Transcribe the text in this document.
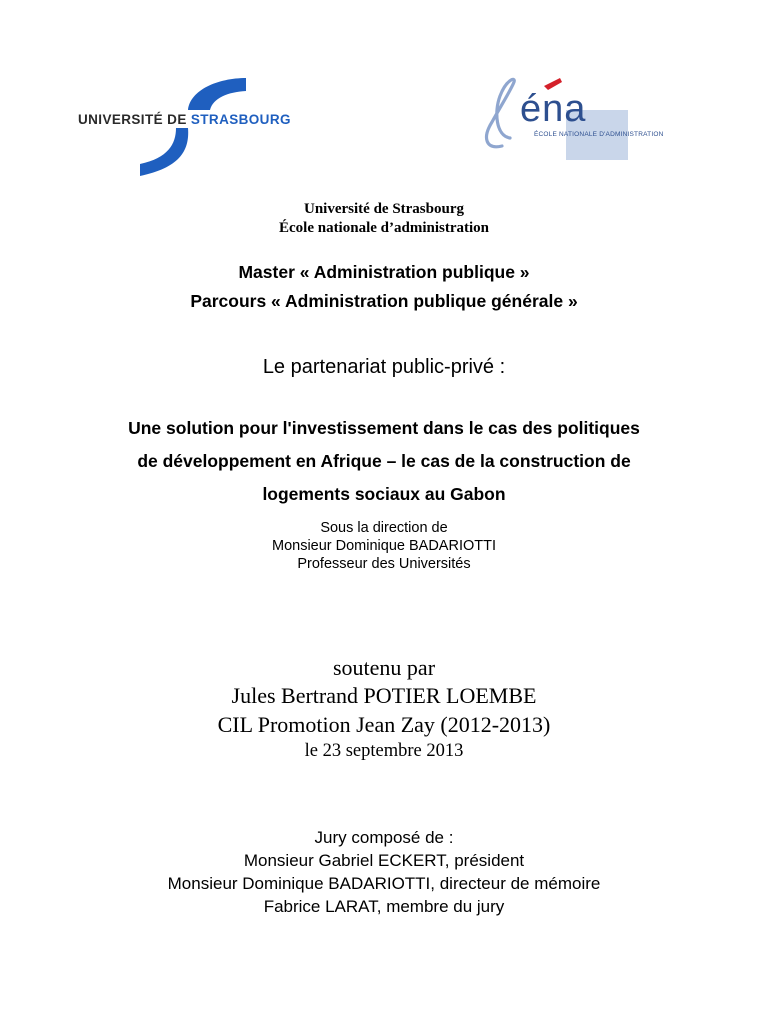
UNIVERSITÉ DE STRASBOURG	éna
ÉCOLE NATIONALE D'ADMINISTRATION
Université de Strasbourg
École nationale d’administration
Master « Administration publique »
Parcours « Administration publique générale »
Le partenariat public-privé :
Une solution pour l'investissement dans le cas des politiques
de développement en Afrique – le cas de la construction de
logements sociaux au Gabon
Sous la direction de
Monsieur Dominique BADARIOTTI
Professeur des Universités
soutenu par
Jules Bertrand POTIER LOEMBE
CIL Promotion Jean Zay (2012-2013)
le 23 septembre 2013
Jury composé de :
Monsieur Gabriel ECKERT, président
Monsieur Dominique BADARIOTTI, directeur de mémoire
Fabrice LARAT, membre du jury
